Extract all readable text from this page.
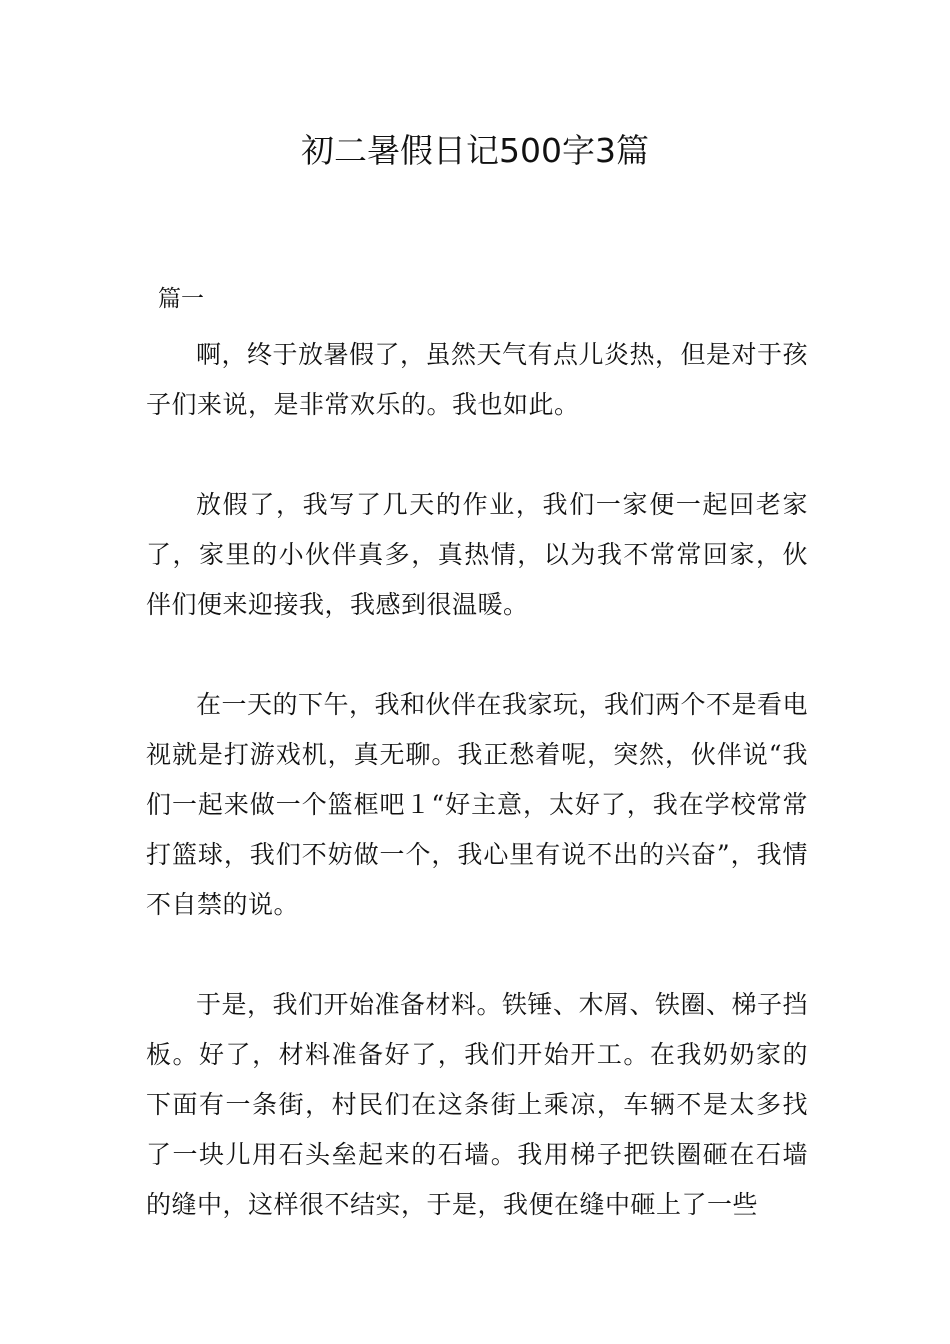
初二暑假日记500字3篇
篇一

啊，终于放暑假了，虽然天气有点儿炎热，但是对于孩子们来说，是非常欢乐的。我也如此。

放假了，我写了几天的作业，我们一家便一起回老家了，家里的小伙伴真多，真热情，以为我不常常回家，伙伴们便来迎接我，我感到很温暖。

在一天的下午，我和伙伴在我家玩，我们两个不是看电视就是打游戏机，真无聊。我正愁着呢，突然，伙伴说“我们一起来做一个篮框吧１“好主意，太好了，我在学校常常打篮球，我们不妨做一个，我心里有说不出的兴奋”，我情不自禁的说。

于是，我们开始准备材料。铁锤、木屑、铁圈、梯子挡板。好了，材料准备好了，我们开始开工。在我奶奶家的下面有一条街，村民们在这条街上乘凉，车辆不是太多找了一块儿用石头垒起来的石墙。我用梯子把铁圈砸在石墙的缝中，这样很不结实，于是，我便在缝中砸上了一些
